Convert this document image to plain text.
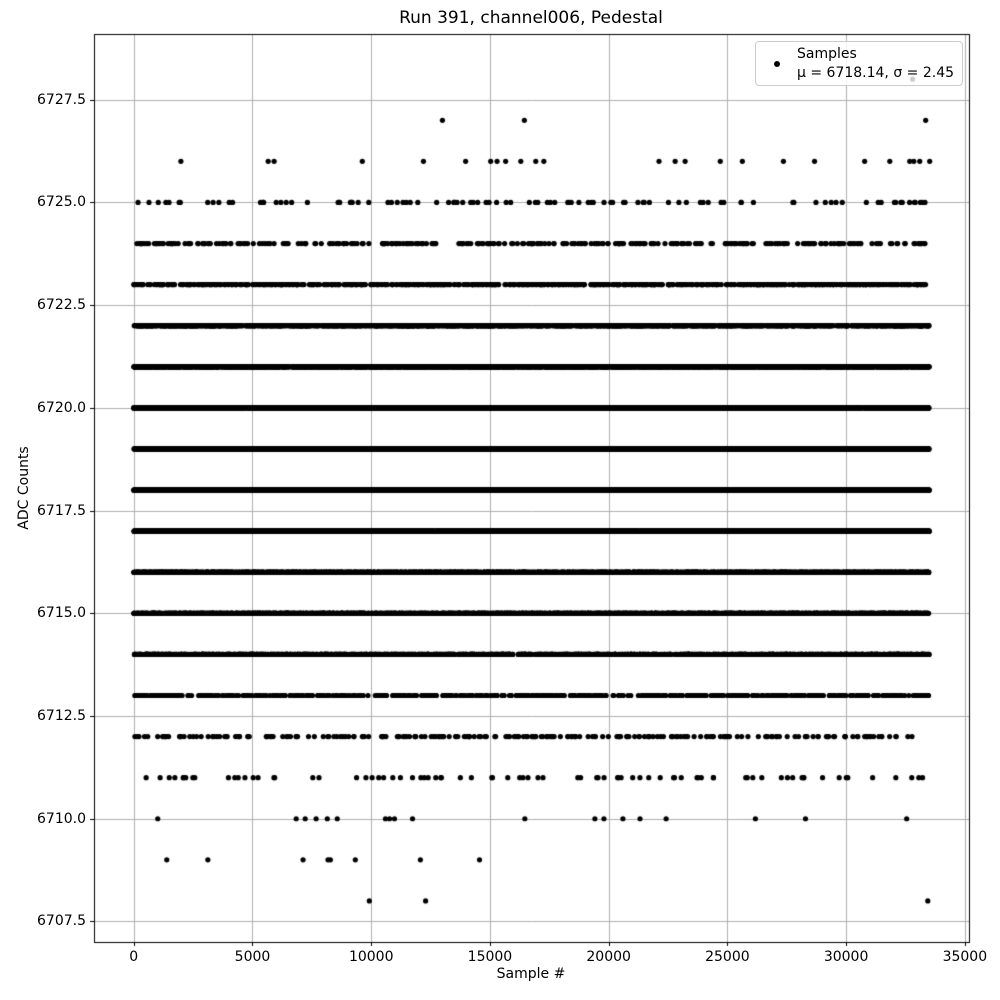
Run 391, channel006, Pedestal
Sample #
ADC Counts
0	5000	10000	15000	20000	25000	30000	35000
6707.5
6710.0
6712.5
6715.0
6717.5
6720.0
6722.5
6725.0
6727.5
Samples
μ = 6718.14, σ = 2.45
